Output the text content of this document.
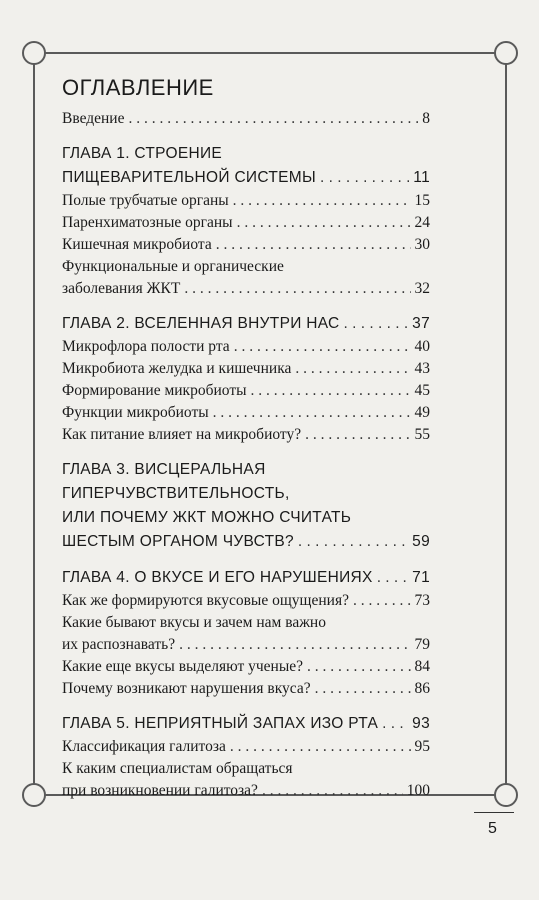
ОГЛАВЛЕНИЕ
Введение . . .	8
ГЛАВА 1. СТРОЕНИЕ
ПИЩЕВАРИТЕЛЬНОЙ СИСТЕМЫ . . .	11
Полые трубчатые органы . . .	15
Паренхиматозные органы . . .	24
Кишечная микробиота . . .	30
Функциональные и органические
заболевания ЖКТ . . .	32
ГЛАВА 2. ВСЕЛЕННАЯ ВНУТРИ НАС . . .	37
Микрофлора полости рта . . .	40
Микробиота желудка и кишечника . . .	43
Формирование микробиоты . . .	45
Функции микробиоты . . .	49
Как питание влияет на микробиоту? . . .	55
ГЛАВА 3. ВИСЦЕРАЛЬНАЯ
ГИПЕРЧУВСТВИТЕЛЬНОСТЬ,
ИЛИ ПОЧЕМУ ЖКТ МОЖНО СЧИТАТЬ
ШЕСТЫМ ОРГАНОМ ЧУВСТВ? . . .	59
ГЛАВА 4. О ВКУСЕ И ЕГО НАРУШЕНИЯХ . . .	71
Как же формируются вкусовые ощущения? . . .	73
Какие бывают вкусы и зачем нам важно
их распознавать? . . .	79
Какие еще вкусы выделяют ученые? . . .	84
Почему возникают нарушения вкуса? . . .	86
ГЛАВА 5. НЕПРИЯТНЫЙ ЗАПАХ ИЗО РТА . . . 93
Классификация галитоза . . .	95
К каким специалистам обращаться
при возникновении галитоза? . . .	100
5
